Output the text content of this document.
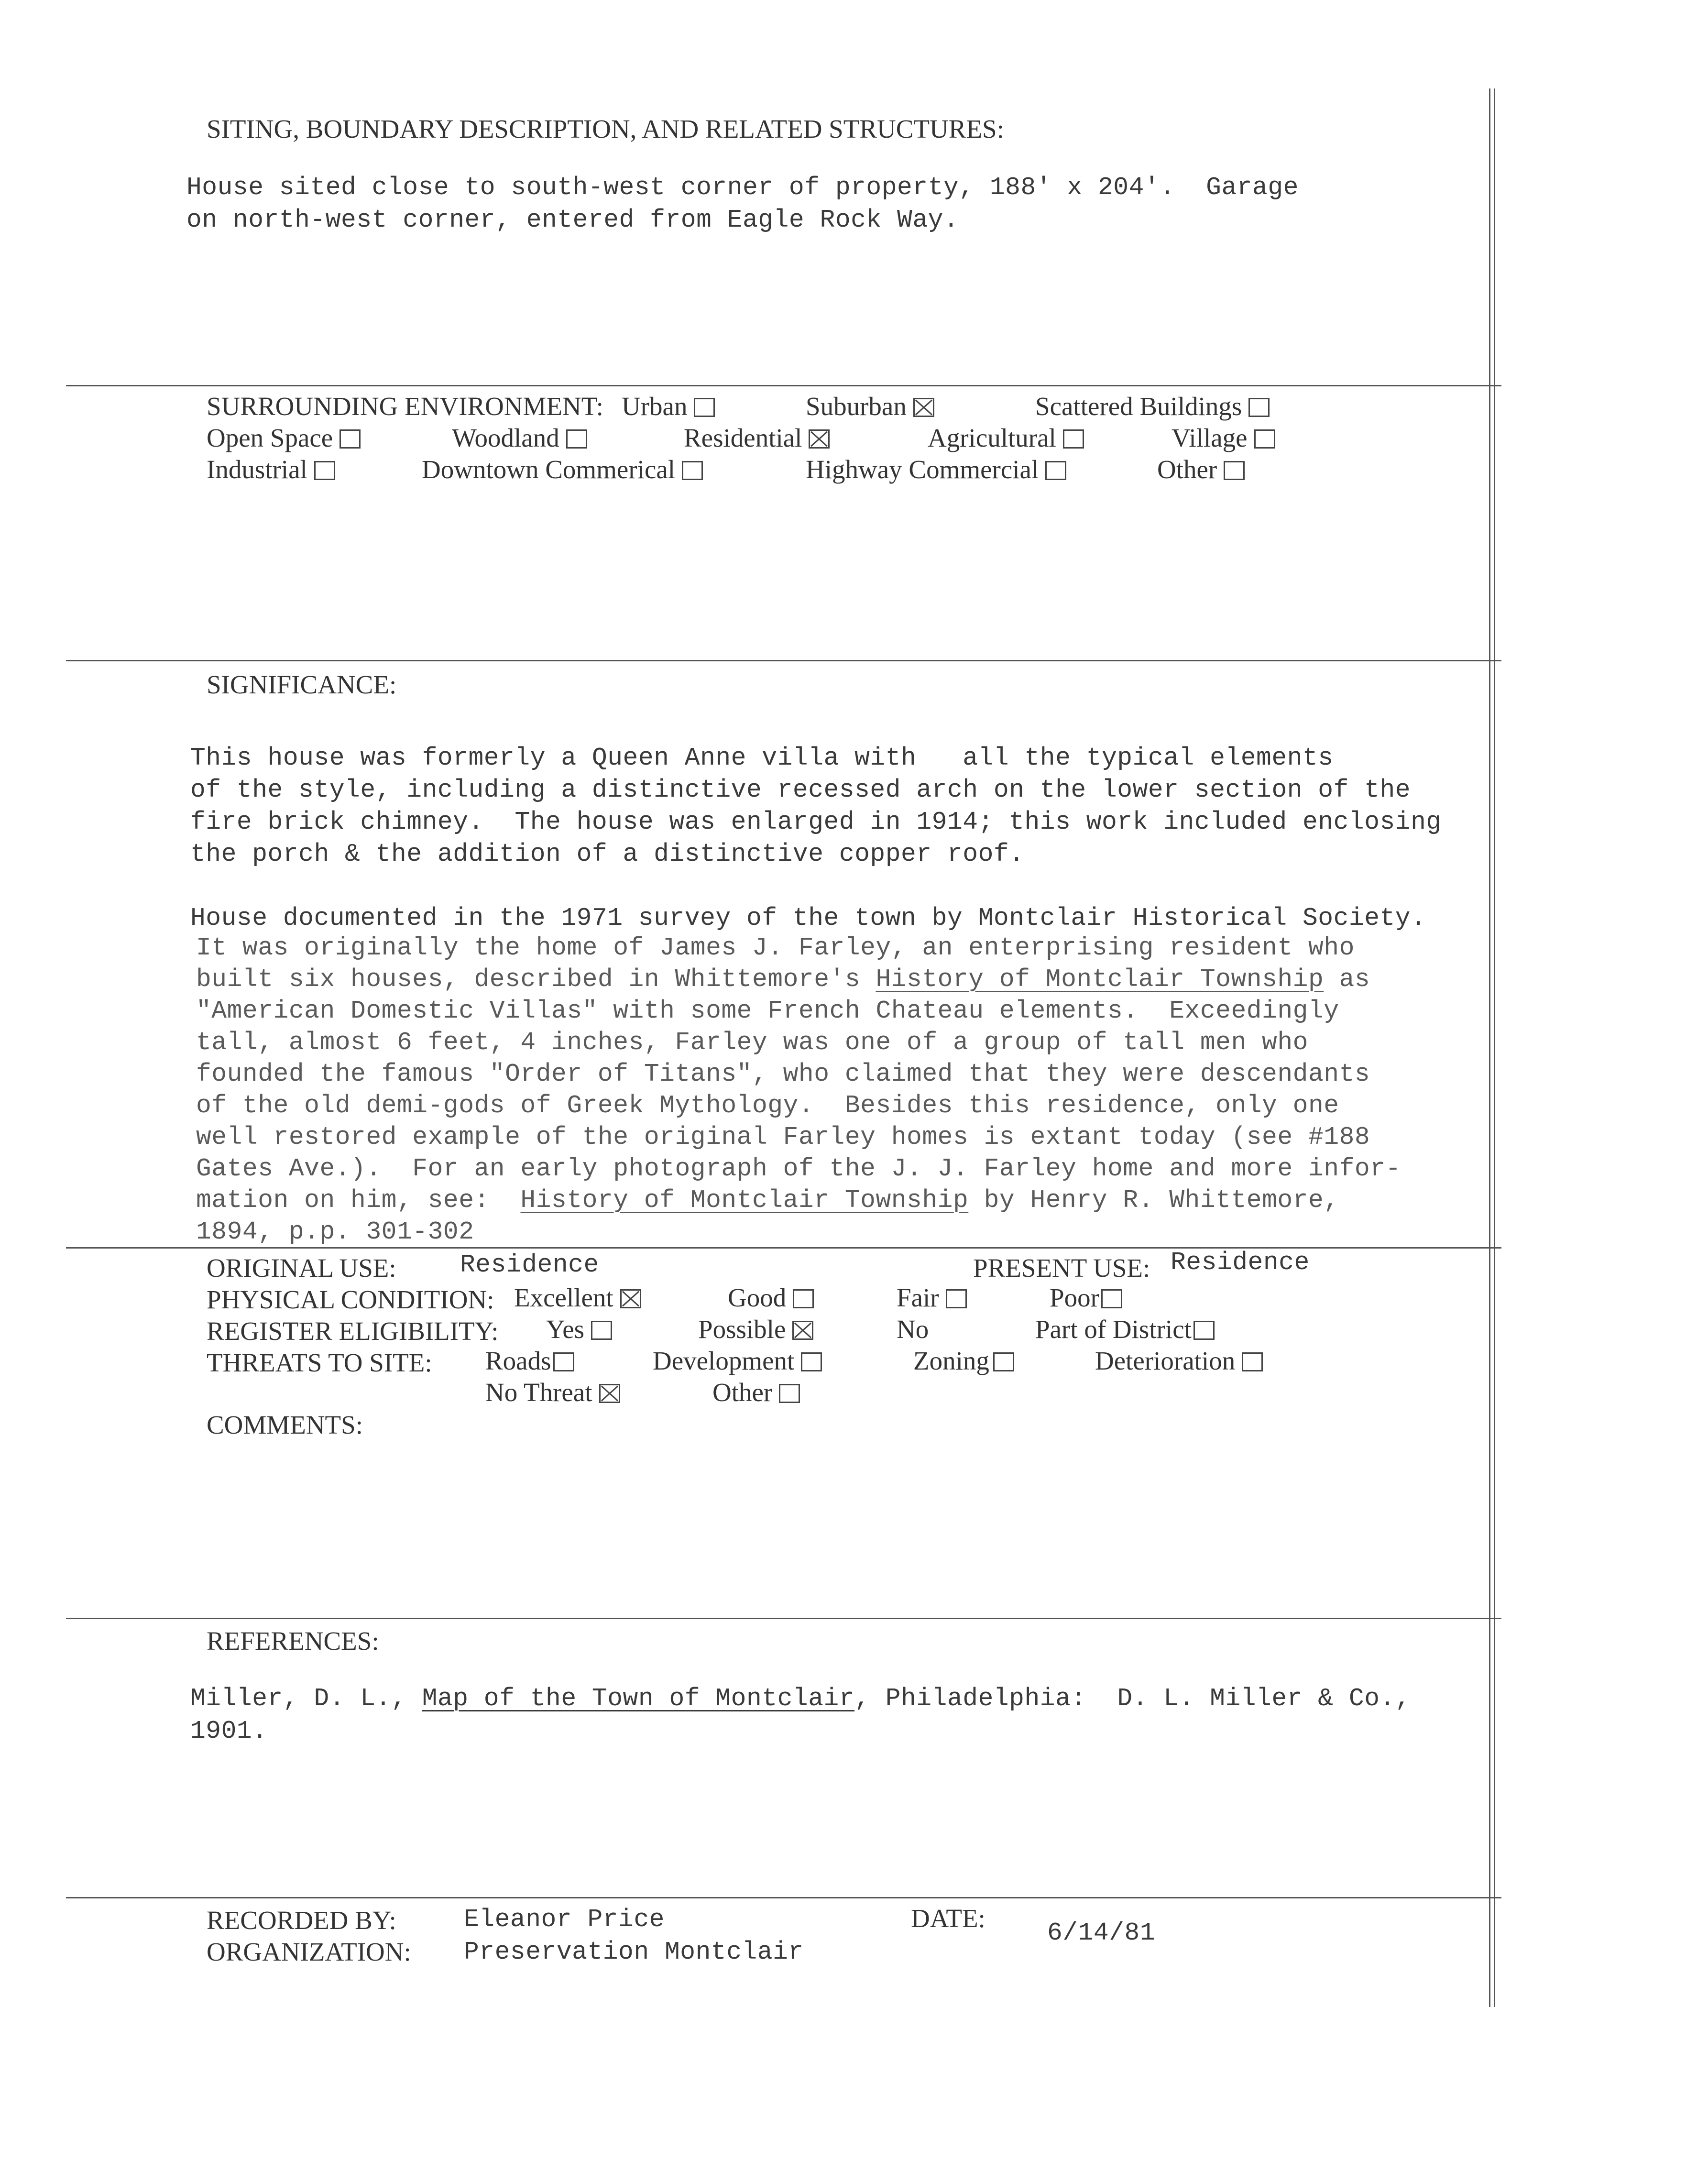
SITING, BOUNDARY DESCRIPTION, AND RELATED STRUCTURES:
House sited close to south-west corner of property, 188' x 204'.  Garage
on north-west corner, entered from Eagle Rock Way.
SURROUNDING ENVIRONMENT: Urban	Suburban	Scattered Buildings
Open Space	Woodland	Residential	Agricultural	Village
Industrial	Downtown Commerical	Highway Commercial	Other
SIGNIFICANCE:
This house was formerly a Queen Anne villa with   all the typical elements
of the style, including a distinctive recessed arch on the lower section of the
fire brick chimney.  The house was enlarged in 1914; this work included enclosing
the porch & the addition of a distinctive copper roof.
House documented in the 1971 survey of the town by Montclair Historical Society.
It was originally the home of James J. Farley, an enterprising resident who
built six houses, described in Whittemore's History of Montclair Township as
"American Domestic Villas" with some French Chateau elements.  Exceedingly
tall, almost 6 feet, 4 inches, Farley was one of a group of tall men who
founded the famous "Order of Titans", who claimed that they were descendants
of the old demi-gods of Greek Mythology.  Besides this residence, only one
well restored example of the original Farley homes is extant today (see #188
Gates Ave.).  For an early photograph of the J. J. Farley home and more infor-
mation on him, see:  History of Montclair Township by Henry R. Whittemore,
1894, p.p. 301-302
ORIGINAL USE:	Residence	PRESENT USE: Residence
PHYSICAL CONDITION: Excellent	Good	Fair	Poor
REGISTER ELIGIBILITY: Yes	Possible	No	Part of District
THREATS TO SITE: Roads	Development	Zoning	Deterioration
No Threat	Other
COMMENTS:
REFERENCES:
Miller, D. L., Map of the Town of Montclair, Philadelphia:  D. L. Miller & Co.,
1901.
RECORDED BY:	Eleanor Price
ORGANIZATION: Preservation Montclair
DATE: 6/14/81
